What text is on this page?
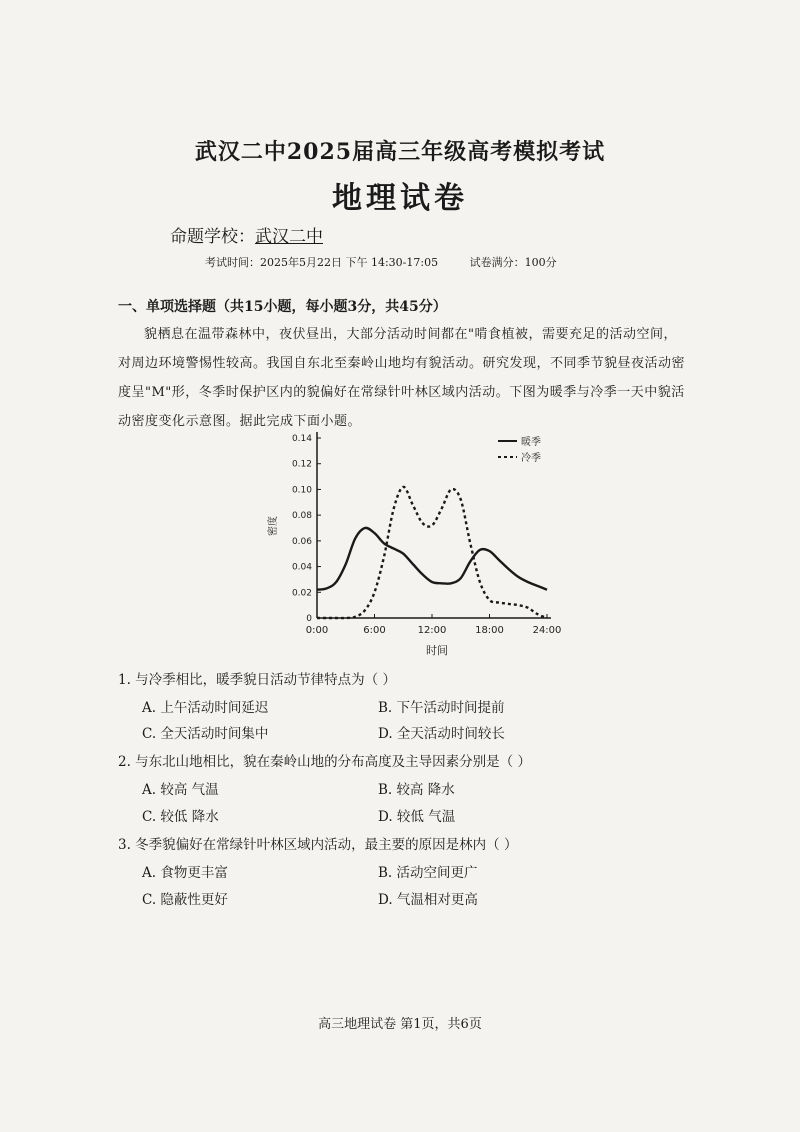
武汉二中2025届高三年级高考模拟考试
地理试卷
命题学校：武汉二中
考试时间：2025年5月22日 下午 14:30-17:05	试卷满分：100分
一、单项选择题（共15小题，每小题3分，共45分）
貌栖息在温带森林中，夜伏昼出，大部分活动时间都在"啃食植被，需要充足的活动空间，对周边环境警惕性较高。我国自东北至秦岭山地均有貌活动。研究发现，不同季节貌昼夜活动密度呈"M"形，冬季时保护区内的貌偏好在常绿针叶林区域内活动。下图为暖季与冷季一天中貌活动密度变化示意图。据此完成下面小题。
0
0.02
0.04
0.06
0.08
0.10
0.12
0.14
0:00	6:00	12:00	18:00	24:00
密度
时间
暖季
冷季
1. 与冷季相比，暖季貌日活动节律特点为（ ）
A. 上午活动时间延迟	B. 下午活动时间提前
C. 全天活动时间集中	D. 全天活动时间较长
2. 与东北山地相比，貌在秦岭山地的分布高度及主导因素分别是（ ）
A. 较高 气温	B. 较高 降水
C. 较低 降水	D. 较低 气温
3. 冬季貌偏好在常绿针叶林区域内活动，最主要的原因是林内（ ）
A. 食物更丰富	B. 活动空间更广
C. 隐蔽性更好	D. 气温相对更高
高三地理试卷 第1页，共6页
